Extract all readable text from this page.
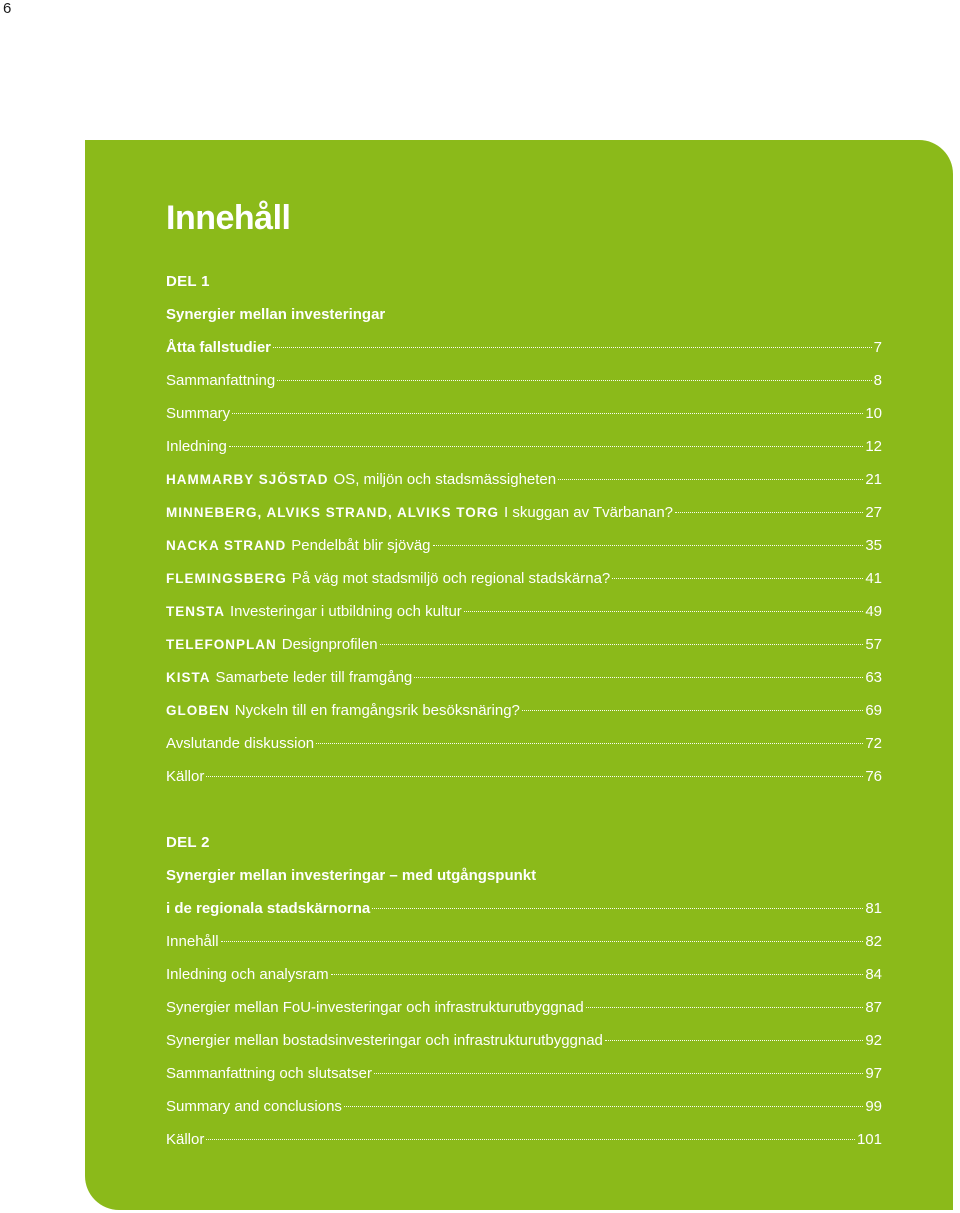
6
Innehåll
DEL 1
Synergier mellan investeringar
Åtta fallstudier	7
Sammanfattning	8
Summary	10
Inledning	12
HAMMARBY SJÖSTAD OS, miljön och stadsmässigheten	21
MINNEBERG, ALVIKS STRAND, ALVIKS TORG I skuggan av Tvärbanan?	27
NACKA STRAND Pendelbåt blir sjöväg	35
FLEMINGSBERG På väg mot stadsmiljö och regional stadskärna?	41
TENSTA Investeringar i utbildning och kultur	49
TELEFONPLAN Designprofilen	57
KISTA Samarbete leder till framgång	63
GLOBEN Nyckeln till en framgångsrik besöksnäring?	69
Avslutande diskussion	72
Källor	76
DEL 2
Synergier mellan investeringar – med utgångspunkt
i de regionala stadskärnorna	81
Innehåll	82
Inledning och analysram	84
Synergier mellan FoU-investeringar och infrastrukturutbyggnad	87
Synergier mellan bostadsinvesteringar och infrastrukturutbyggnad	92
Sammanfattning och slutsatser	97
Summary and conclusions	99
Källor	101
